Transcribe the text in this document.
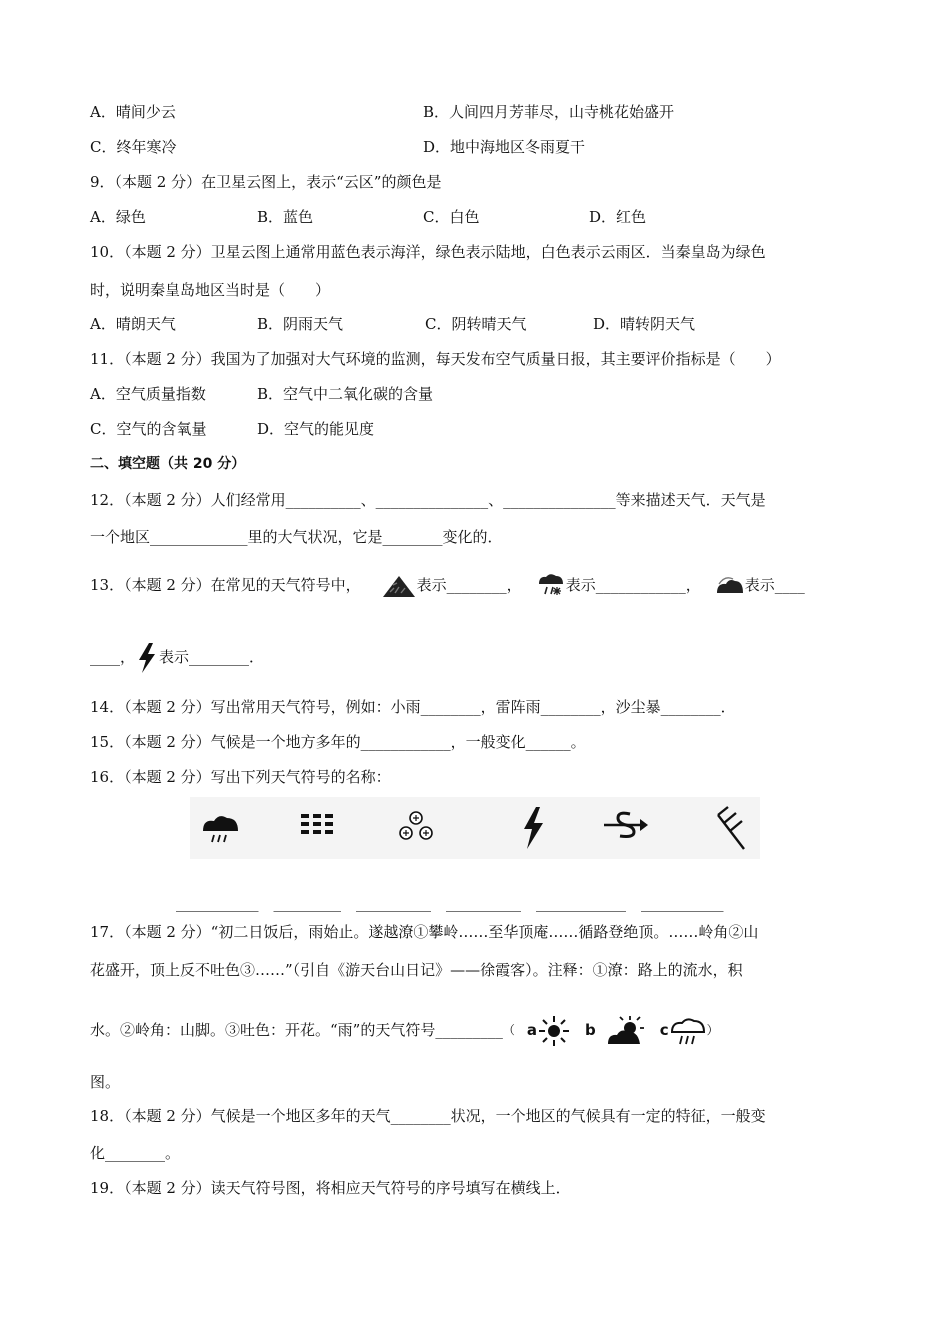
A．晴间少云	B．人间四月芳菲尽，山寺桃花始盛开
C．终年寒冷	D．地中海地区冬雨夏干
9．（本题 2 分）在卫星云图上，表示“云区”的颜色是
A．绿色	B．蓝色	C．白色	D．红色
10．（本题 2 分）卫星云图上通常用蓝色表示海洋，绿色表示陆地，白色表示云雨区．当秦皇岛为绿色
时，说明秦皇岛地区当时是（　　）
A．晴朗天气	B．阴雨天气	C．阴转晴天气	D．晴转阴天气
11．（本题 2 分）我国为了加强对大气环境的监测，每天发布空气质量日报，其主要评价指标是（　　）
A．空气质量指数	B．空气中二氧化碳的含量
C．空气的含氧量	D．空气的能见度
二、填空题（共 20 分）
12．（本题 2 分）人们经常用__________、_______________、_______________等来描述天气．天气是
一个地区_____________里的大气状况，它是________变化的．
13．（本题 2 分）在常见的天气符号中，	表示________，	表示____________，	表示____
____， 表示________．
14．（本题 2 分）写出常用天气符号，例如：小雨________，雷阵雨________，沙尘暴________．
15．（本题 2 分）气候是一个地方多年的____________，一般变化______。
16．（本题 2 分）写出下列天气符号的名称：
___________　_________　__________　__________　____________　___________
17．（本题 2 分）“初二日饭后，雨始止。遂越潦①攀岭……至华顶庵……循路登绝顶。……岭角②山
花盛开，顶上反不吐色③……”（引自《游天台山日记》——徐霞客）。注释：①潦：路上的流水，积
水。②岭角：山脚。③吐色：开花。“雨”的天气符号_________（ a	b	c	）
图。
18．（本题 2 分）气候是一个地区多年的天气________状况，一个地区的气候具有一定的特征，一般变
化________。
19．（本题 2 分）读天气符号图，将相应天气符号的序号填写在横线上．
